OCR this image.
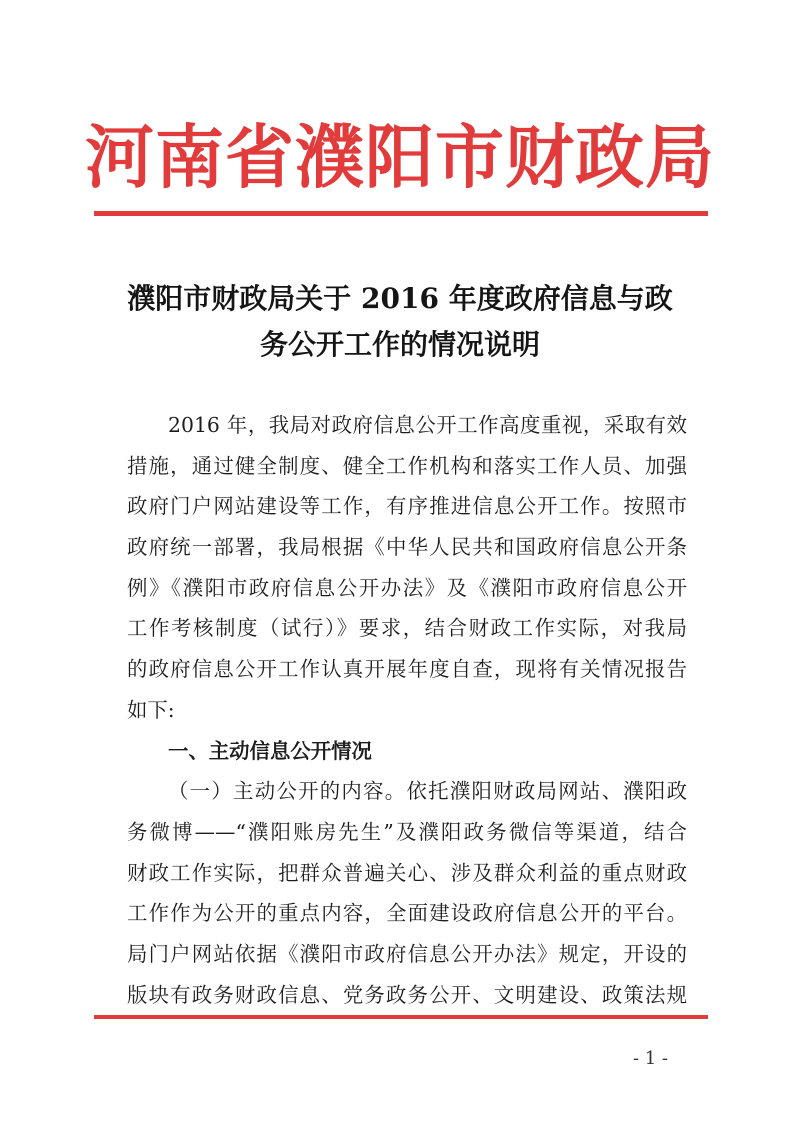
河南省濮阳市财政局
濮阳市财政局关于 2016 年度政府信息与政
务公开工作的情况说明
2016 年，我局对政府信息公开工作高度重视，采取有效
措施，通过健全制度、健全工作机构和落实工作人员、加强
政府门户网站建设等工作，有序推进信息公开工作。按照市
政府统一部署，我局根据《中华人民共和国政府信息公开条
例》《濮阳市政府信息公开办法》及《濮阳市政府信息公开
工作考核制度（试行）》要求，结合财政工作实际，对我局
的政府信息公开工作认真开展年度自查，现将有关情况报告
如下:
一、主动信息公开情况
（一）主动公开的内容。依托濮阳财政局网站、濮阳政
务微博——“濮阳账房先生”及濮阳政务微信等渠道，结合
财政工作实际，把群众普遍关心、涉及群众利益的重点财政
工作作为公开的重点内容，全面建设政府信息公开的平台。
局门户网站依据《濮阳市政府信息公开办法》规定，开设的
版块有政务财政信息、党务政务公开、文明建设、政策法规
- 1 -
